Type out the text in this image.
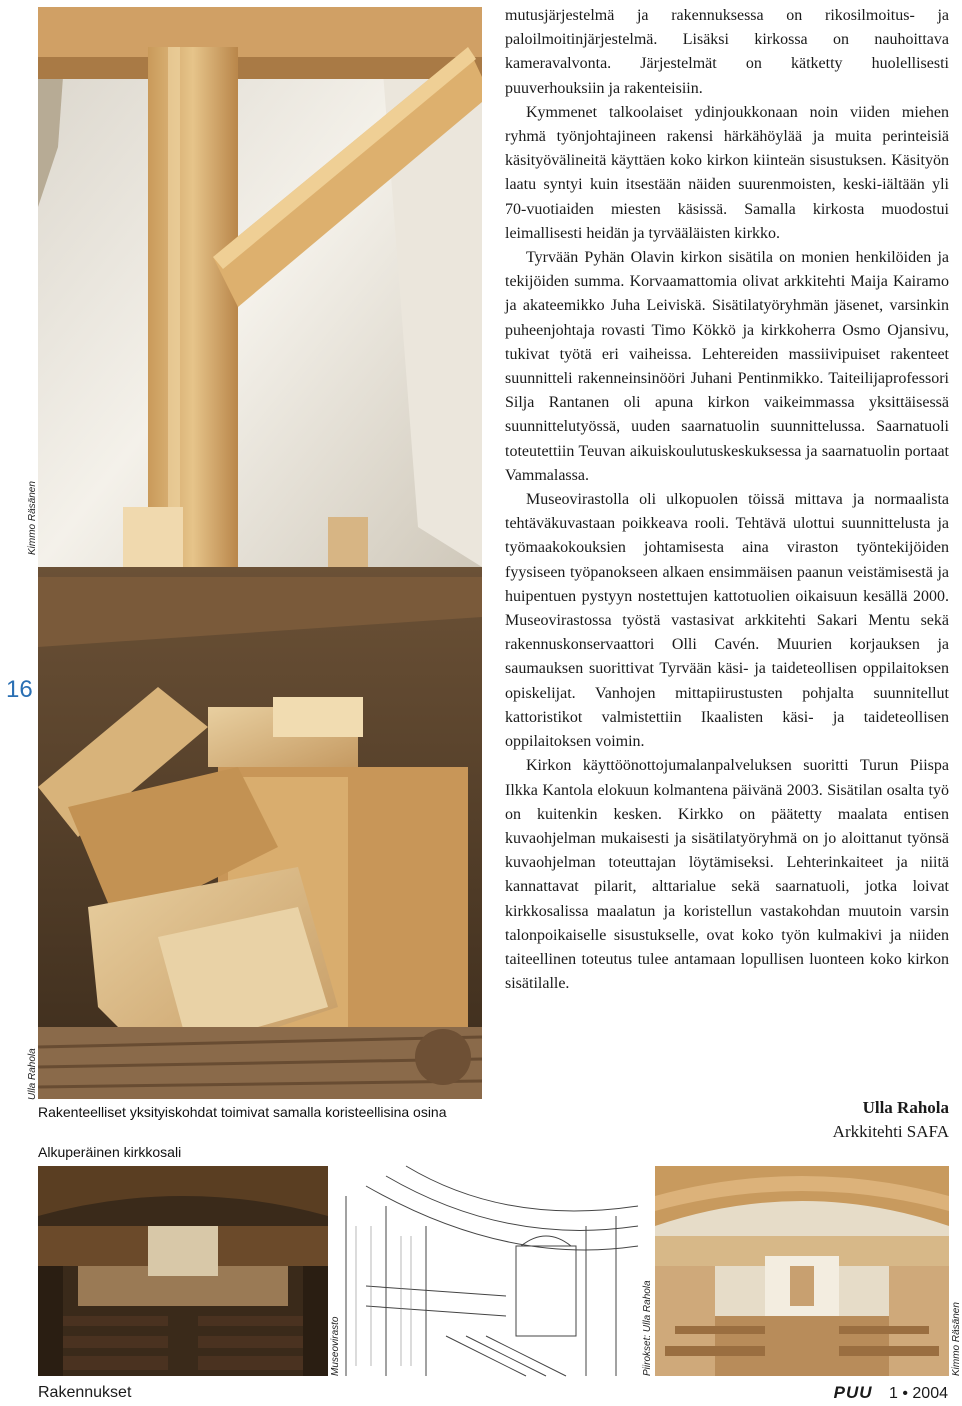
16
Kimmo Räsänen
Ulla Rahola
Rakenteelliset yksityiskohdat toimivat samalla koristeellisina osina
Alkuperäinen kirkkosali
Museovirasto	Piirokset: Ulla Rahola	Kimmo Räsänen

mutusjärjestelmä ja rakennuksessa on rikosilmoitus- ja paloilmoitinjärjestelmä. Lisäksi kirkossa on nauhoittava kameravalvonta. Järjestelmät on kätketty huolellisesti puuverhouksiin ja rakenteisiin.

Kymmenet talkoolaiset ydinjoukkonaan noin viiden miehen ryhmä työnjohtajineen rakensi härkähöylää ja muita perinteisiä käsityövälineitä käyttäen koko kirkon kiinteän sisustuksen. Käsityön laatu syntyi kuin itsestään näiden suurenmoisten, keski-iältään yli 70-vuotiaiden miesten käsissä. Samalla kirkosta muodostui leimallisesti heidän ja tyrvääläisten kirkko.

Tyrvään Pyhän Olavin kirkon sisätila on monien henkilöiden ja tekijöiden summa. Korvaamattomia olivat arkkitehti Maija Kairamo ja akateemikko Juha Leiviskä. Sisätilatyöryhmän jäsenet, varsinkin puheenjohtaja rovasti Timo Kökkö ja kirkkoherra Osmo Ojansivu, tukivat työtä eri vaiheissa. Lehtereiden massiivipuiset rakenteet suunnitteli rakenneinsinööri Juhani Pentinmikko. Taiteilijaprofessori Silja Rantanen oli apuna kirkon vaikeimmassa yksittäisessä suunnittelutyössä, uuden saarnatuolin suunnittelussa. Saarnatuoli toteutettiin Teuvan aikuiskoulutuskeskuksessa ja saarnatuolin portaat Vammalassa.

Museovirastolla oli ulkopuolen töissä mittava ja normaalista tehtäväkuvastaan poikkeava rooli. Tehtävä ulottui suunnittelusta ja työmaakokouksien johtamisesta aina viraston työntekijöiden fyysiseen työpanokseen alkaen ensimmäisen paanun veistämisestä ja huipentuen pystyyn nostettujen kattotuolien oikaisuun kesällä 2000. Museovirastossa työstä vastasivat arkkitehti Sakari Mentu sekä rakennuskonservaattori Olli Cavén. Muurien korjauksen ja saumauksen suorittivat Tyrvään käsi- ja taideteollisen oppilaitoksen opiskelijat. Vanhojen mittapiirustusten pohjalta suunnitellut kattoristikot valmistettiin Ikaalisten käsi- ja taideteollisen oppilaitoksen voimin.

Kirkon käyttöönottojumalanpalveluksen suoritti Turun Piispa Ilkka Kantola elokuun kolmantena päivänä 2003. Sisätilan osalta työ on kuitenkin kesken. Kirkko on päätetty maalata entisen kuvaohjelman mukaisesti ja sisätilatyöryhmä on jo aloittanut työnsä kuvaohjelman toteuttajan löytämiseksi. Lehterinkaiteet ja niitä kannattavat pilarit, alttarialue sekä saarnatuoli, jotka loivat kirkkosalissa maalatun ja koristellun vastakohdan muutoin varsin talonpoikaiselle sisustukselle, ovat koko työn kulmakivi ja niiden taiteellinen toteutus tulee antamaan lopullisen luonteen koko kirkon sisätilalle.

Ulla Rahola
Arkkitehti SAFA
Rakennukset	PUU 1 • 2004
